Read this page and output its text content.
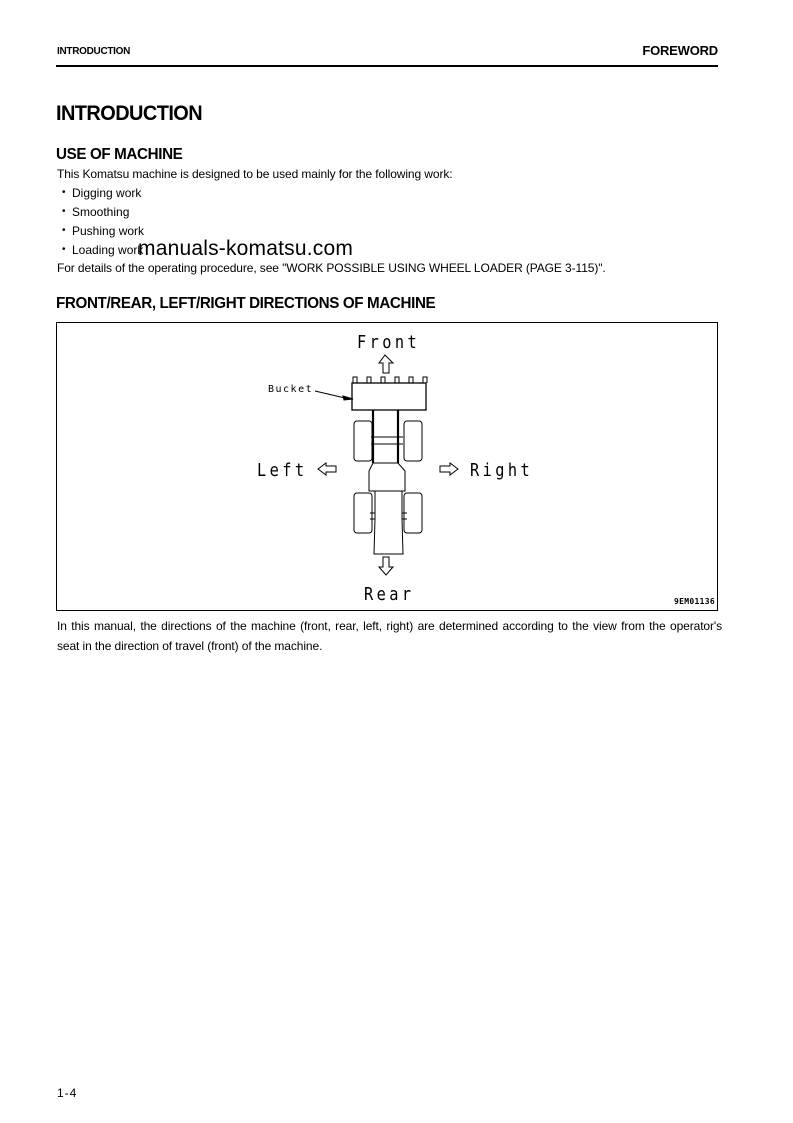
INTRODUCTION	FOREWORD
INTRODUCTION
USE OF MACHINE
This Komatsu machine is designed to be used mainly for the following work:
• Digging work
• Smoothing
• Pushing work
• Loading work
manuals-komatsu.com
For details of the operating procedure, see "WORK POSSIBLE USING WHEEL LOADER (PAGE 3-115)".
FRONT/REAR, LEFT/RIGHT DIRECTIONS OF MACHINE
Front
Left	Right
Rear
Bucket
9EM01136
In this manual, the directions of the machine (front, rear, left, right) are determined according to the view from the operator's seat in the direction of travel (front) of the machine.
1-4
